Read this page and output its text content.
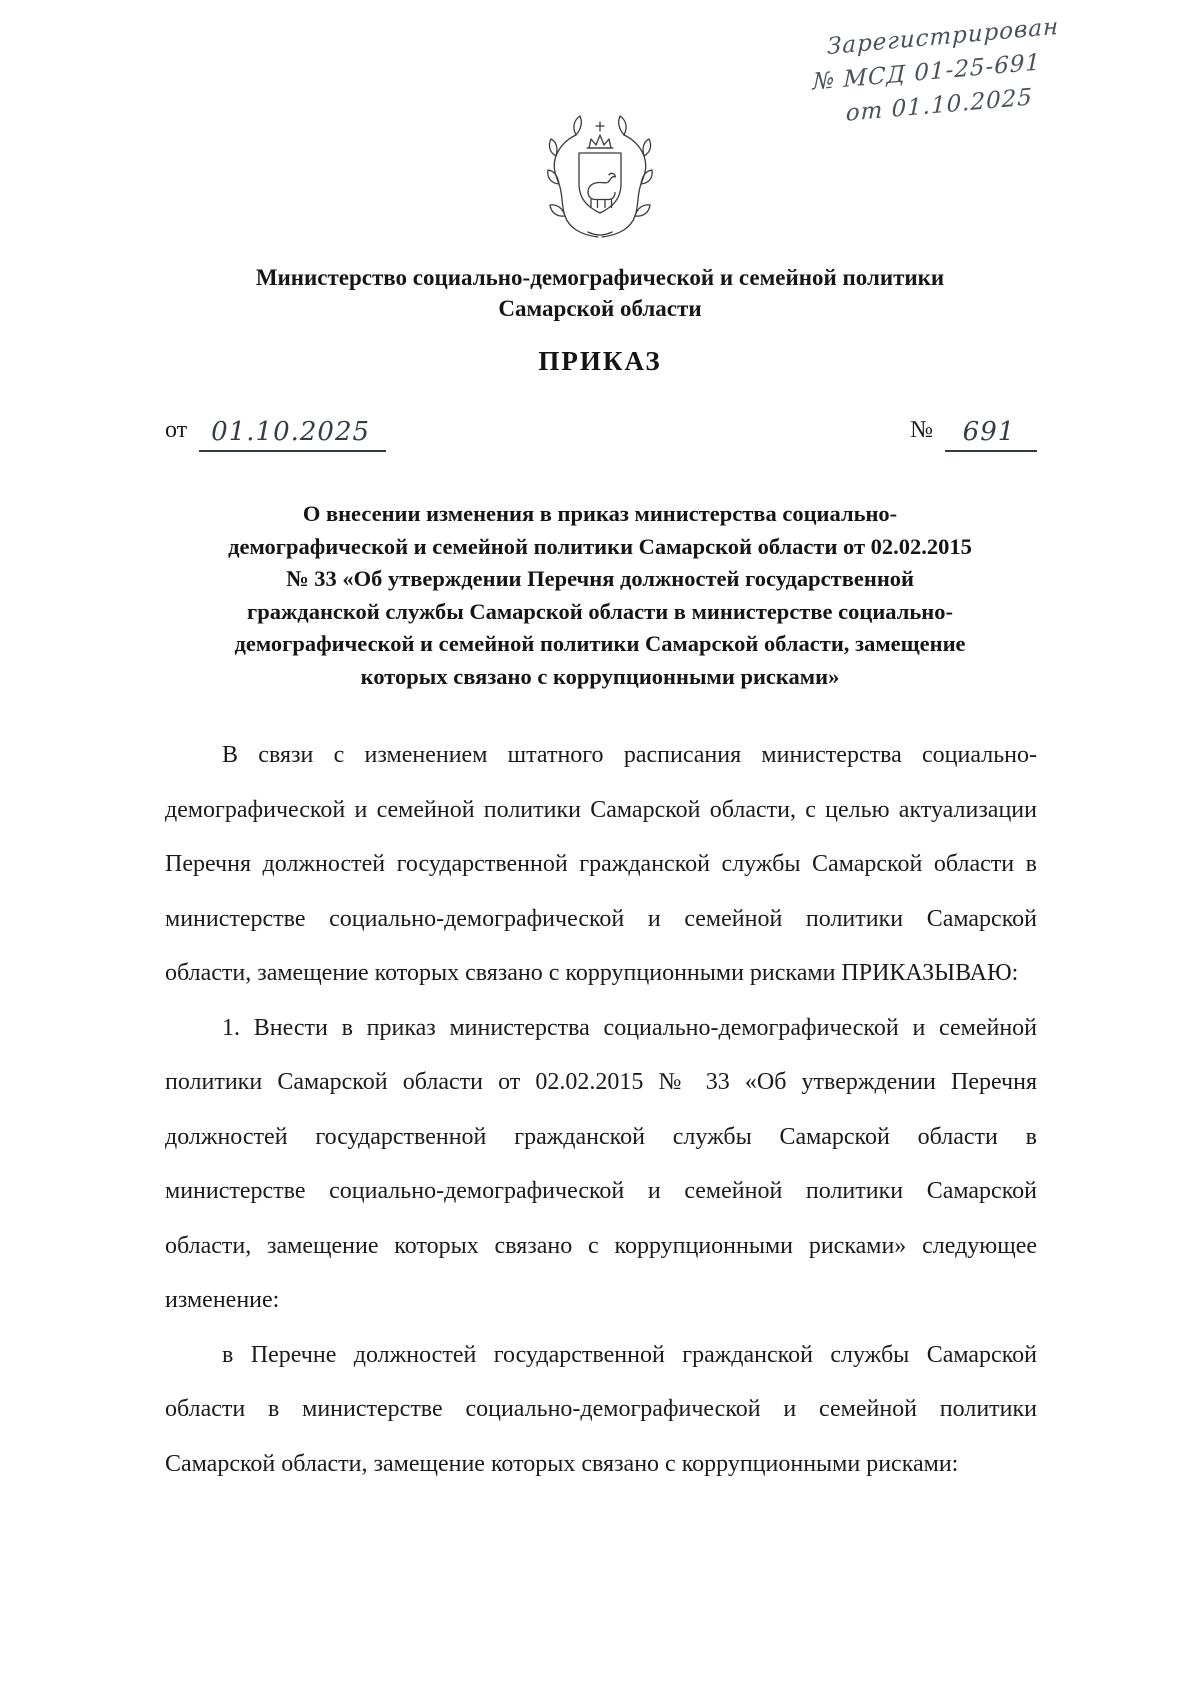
Зарегистрирован
№ МСД 01-25-691
от 01.10.2025
Министерство социально-демографической и семейной политики
Самарской области
ПРИКАЗ
от 01.10.2025	№ 691
О внесении изменения в приказ министерства социально-
демографической и семейной политики Самарской области от 02.02.2015
№ 33 «Об утверждении Перечня должностей государственной
гражданской службы Самарской области в министерстве социально-
демографической и семейной политики Самарской области, замещение
которых связано с коррупционными рисками»

В связи с изменением штатного расписания министерства социально-демографической и семейной политики Самарской области, с целью актуализации Перечня должностей государственной гражданской службы Самарской области в министерстве социально-демографической и семейной политики Самарской области, замещение которых связано с коррупционными рисками ПРИКАЗЫВАЮ:

1. Внести в приказ министерства социально-демографической и семейной политики Самарской области от 02.02.2015 № 33 «Об утверждении Перечня должностей государственной гражданской службы Самарской области в министерстве социально-демографической и семейной политики Самарской области, замещение которых связано с коррупционными рисками» следующее изменение:

в Перечне должностей государственной гражданской службы Самарской области в министерстве социально-демографической и семейной политики Самарской области, замещение которых связано с коррупционными рисками:
